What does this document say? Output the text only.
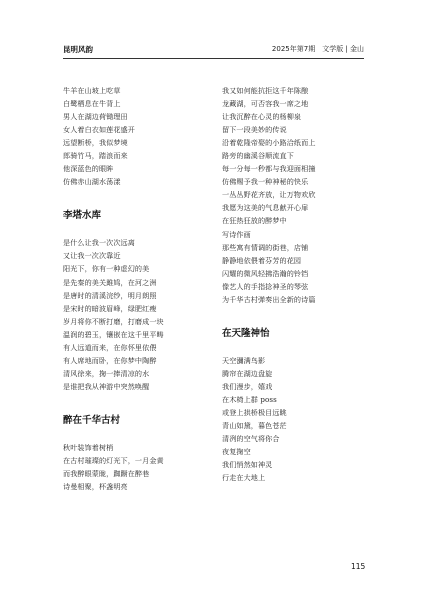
昆明风韵	2025年第7期　文学版 | 金山
牛羊在山坡上吃草
白鹭栖息在牛背上
男人在湖边荷锄理田
女人着白衣如莲花盛开
远望断桥，我似梦境
郎骑竹马，踏浪而来
他深蓝色的眼眸
仿佛赤山湖水荡漾
李塔水库
是什么让我一次次远离
又让我一次次靠近
阳光下，你有一种虚幻的美
是先秦的美关雎鸠，在河之洲
是唐时的清溪浣纱，明月朗照
是宋时的暗波眉峰，绿肥红瘦
岁月将你不断打磨，打磨成一块
温润的碧玉，镶嵌在这千里平畴
有人远道而来，在你怀里依偎
有人席地而卧，在你梦中陶醉
清风徐来，掬一捧清凉的水
是谁把我从神游中突然唤醒
醉在千华古村
秋叶装饰着树梢
在古村璀璨的灯光下，一月金黄
而我醉眼蒙眬，踟蹰在醉巷
诗曼相聚，杯盏明亮
我又如何能抗拒这千年陈酿
龙藏湖，可否容我一席之地
让我沉醉在心灵的杨柳泉
留下一段美妙的传说
沿着乾隆帝娶的小路洽纸而上
路旁的幽溪谷顺流直下
每一分每一秒都与我迎面相撞
仿佛赐予我一种神秘的快乐
一丛丛野花齐放，让万物欢欣
我愿为这美的气息献开心扉
在狂热狂放的醉梦中
写诗作画
那些寓有情调的街巷，店铺
静静地依偎着芬芳的花园
闪耀的微风轻拂浩瀚的铃铛
像艺人的手指捻神圣的琴弦
为千华古村弹奏出全新的诗篇
在天隆神怡
天空瀰满鸟影
腾帘在湖边盘旋
我们漫步，嬉戏
在木椅上群 poss
或登上拱桥极目远眺
青山如黛，暮色苍茫
清冽的空气将你合
夜复掬空
我们悄然如神灵
行走在大地上
115
